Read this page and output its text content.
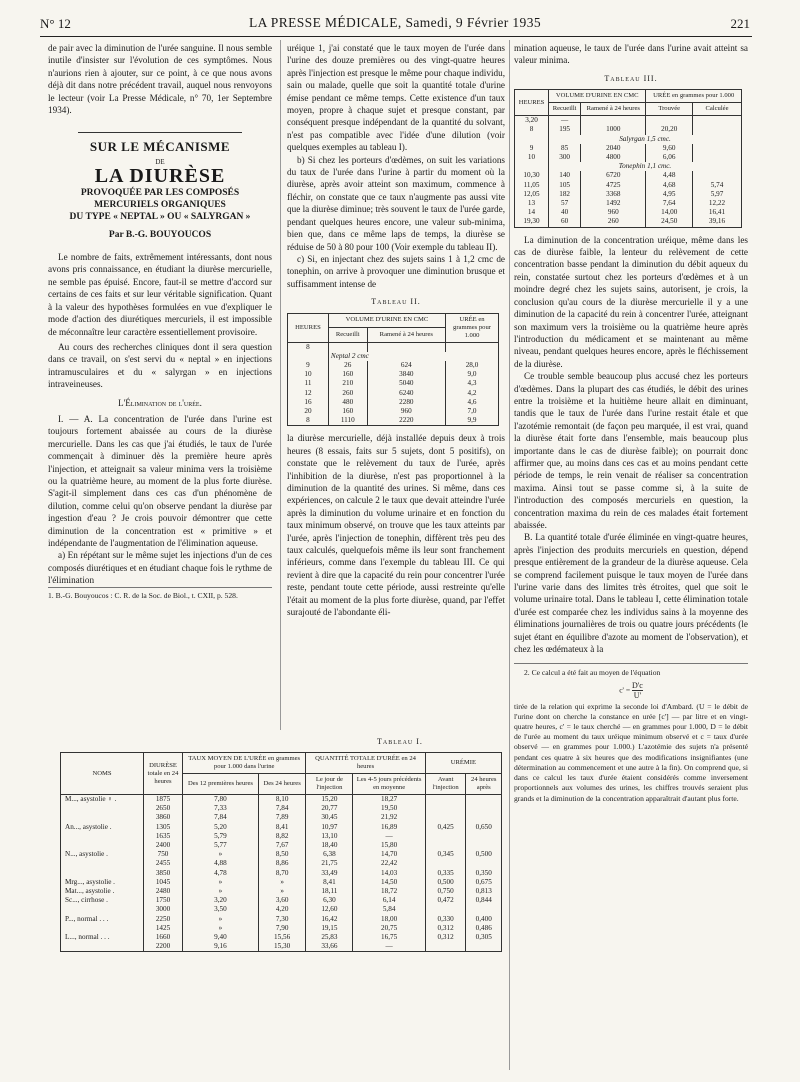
N° 12	LA PRESSE MÉDICALE, Samedi, 9 Février 1935	221

de pair avec la diminution de l'urée sanguine. Il nous semble inutile d'insister sur l'évolution de ces symptômes. Nous n'aurions rien à ajouter, sur ce point, à ce que nous avons déjà dit dans notre précédent travail, auquel nous renvoyons le lecteur (voir La Presse Médicale, n° 70, 1er Septembre 1934).

SUR LE MÉCANISME
DE
LA DIURÈSE
PROVOQUÉE PAR LES COMPOSÉS
MERCURIELS ORGANIQUES
DU TYPE « NEPTAL » OU « SALYRGAN »
Par B.-G. BOUYOUCOS

Le nombre de faits, extrêmement intéressants, dont nous avons pris connaissance, en étudiant la diurèse mercurielle, ne semble pas épuisé. Encore, faut-il se mettre d'accord sur certains de ces faits et sur leur véritable signification. Quant à la valeur des hypothèses formulées en vue d'expliquer le mode d'action des diurétiques mercuriels, il est impossible de méconnaître leur caractère essentiellement provisoire.

Au cours des recherches cliniques dont il sera question dans ce travail, on s'est servi du « neptal » en injections intramusculaires et du « salyrgan » en injections intraveineuses.

L'Élimination de l'urée.

I. — A. La concentration de l'urée dans l'urine est toujours fortement abaissée au cours de la diurèse mercurielle. Dans les cas que j'ai étudiés, le taux de l'urée commençait à diminuer dès la première heure après l'injection, et atteignait sa valeur minima vers la troisième ou la quatrième heure, au moment de la plus forte diurèse. S'agit-il simplement dans ces cas d'un phénomène de dilution, comme celui qu'on observe pendant la diurèse par ingestion d'eau ? Je crois pouvoir démontrer que cette diminution de la concentration est « primitive » et indépendante de l'augmentation de l'élimination aqueuse.

a) En répétant sur le même sujet les injections d'un de ces composés diurétiques et en étudiant chaque fois le rythme de l'élimination

1. B.-G. Bouyoucos : C. R. de la Soc. de Biol., t. CXII, p. 528.

uréique 1, j'ai constaté que le taux moyen de l'urée dans l'urine des douze premières ou des vingt-quatre heures après l'injection est presque le même pour chaque individu, sain ou malade, quelle que soit la quantité totale d'urine émise pendant ce même temps. Cette existence d'un taux moyen, propre à chaque sujet et presque constant, par conséquent presque indépendant de la quantité du solvant, n'est pas compatible avec l'idée d'une dilution (voir quelques exemples au tableau I).

b) Si chez les porteurs d'œdèmes, on suit les variations du taux de l'urée dans l'urine à partir du moment où la diurèse, après avoir atteint son maximum, commence à fléchir, on constate que ce taux n'augmente pas aussi vite que la diurèse diminue; très souvent le taux de l'urée garde, pendant quelques heures encore, une valeur sub-minima, bien que, dans ce même laps de temps, la diurèse se réduise de 50 à 80 pour 100 (Voir exemple du tableau II).

c) Si, en injectant chez des sujets sains 1 à 1,2 cmc de tonephin, on arrive à provoquer une diminution brusque et suffisamment intense de

Tableau II.
HEURES	VOLUME D'URINE EN CMC		URÉE en grammes pour 1.000
	Recueilli	Ramené à 24 heures	
8			
	Neptal 2 cmc		
9	26	624	28,0
10	160	3840	9,0
11	210	5040	4,3
12	260	6240	4,2
16	480	2280	4,6
20	160	960	7,0
8	1110	2220	9,9

la diurèse mercurielle, déjà installée depuis deux à trois heures (8 essais, faits sur 5 sujets, dont 5 positifs), on constate que le relèvement du taux de l'urée, après l'inhibition de la diurèse, n'est pas proportionnel à la diminution de la quantité des urines. Si même, dans ces expériences, on calcule 2 le taux que devait atteindre l'urée après la diminution du volume urinaire et en fonction du taux minimum observé, on trouve que les taux atteints par l'urée, après l'injection de tonephin, diffèrent très peu des taux calculés, quelquefois même ils leur sont franchement inférieurs, comme dans l'exemple du tableau III. Ce qui revient à dire que la capacité du rein pour concentrer l'urée reste, pendant toute cette période, aussi restreinte qu'elle l'était au moment de la plus forte diurèse, quand, par l'effet surajouté de l'abondante éli-

mination aqueuse, le taux de l'urée dans l'urine avait atteint sa valeur minima.

Tableau III.
HEURES	VOLUME D'URINE EN CMC		URÉE en grammes pour 1.000	
	Recueilli	Ramené à 24 heures	Trouvée	Calculée
3,20	—			
8	195	1000	20,20	
	Salyrgan 1,5 cmc.			
9	85	2040	9,60	
10	300	4800	6,06	
	Tonephin 1,1 cmc.			
10,30	140	6720	4,48	
11,05	105	4725	4,68	5,74
12,05	182	3368	4,95	5,97
13	57	1492	7,64	12,22
14	40	960	14,00	16,41
19,30	60	260	24,50	39,16

La diminution de la concentration uréique, même dans les cas de diurèse faible, la lenteur du relèvement de cette concentration basse pendant la diminution du débit aqueux du rein, constatée surtout chez les porteurs d'œdèmes et à un moindre degré chez les sujets sains, autorisent, je crois, la conclusion qu'au cours de la diurèse mercurielle il y a une diminution de la capacité du rein à concentrer l'urée, atteignant son maximum vers la troisième ou la quatrième heure après l'introduction du médicament et se maintenant au même niveau, pendant quelques heures encore, après le fléchissement de la diurèse.

Ce trouble semble beaucoup plus accusé chez les porteurs d'œdèmes. Dans la plupart des cas étudiés, le débit des urines entre la troisième et la huitième heure allait en diminuant, tandis que le taux de l'urée dans l'urine restait étale et que l'azotémie remontait (de façon peu marquée, il est vrai, quand la diurèse était forte dans l'ensemble, mais beaucoup plus importante dans le cas de diurèse faible); on pourrait donc affirmer que, au moins dans ces cas et au moins pendant cette période de temps, le rein venait de réaliser sa concentration maxima. Ainsi tout se passe comme si, à la suite de l'introduction des composés mercuriels en question, la concentration maxima du rein de ces malades était fortement abaissée.

B. La quantité totale d'urée éliminée en vingt-quatre heures, après l'injection des produits mercuriels en question, dépend presque entièrement de la grandeur de la diurèse aqueuse. Cela se comprend facilement puisque le taux moyen de l'urée dans l'urine varie dans des limites très étroites, quel que soit le volume urinaire total. Dans le tableau I, cette élimination totale d'urée est comparée chez les individus sains à la moyenne des éliminations journalières de trois ou quatre jours précédents (le sujet étant en équilibre d'azote au moment de l'observation), et chez les œdémateux à la

2. Ce calcul a été fait au moyen de l'équation
$c' = \frac{D'c}{U'}$
tirée de la relation qui exprime la seconde loi d'Ambard. (U = le débit de l'urine dont on cherche la constance en urée [c'] — par litre et en vingt-quatre heures, c' = le taux cherché — en grammes pour 1.000, D = le débit de l'urée au moment du taux uréique minimum observé et c = taux d'urée observé — en grammes pour 1.000.) L'azotémie des sujets n'a présenté pendant ces quatre à six heures que des modifications insignifiantes (une détermination au commencement et une autre à la fin). On comprend que, si dans ce calcul les taux d'urée étaient considérés comme inversement proportionnels aux volumes des urines, les chiffres trouvés seraient plus grands et la diminution de la concentration apparaîtrait d'autant plus forte.
Tableau I.
NOMS	DIURÈSE totale en 24 heures	TAUX MOYEN DE L'URÉE en grammes pour 1.000 dans l'urine		QUANTITÉ TOTALE D'URÉE en 24 heures		URÉMIE	
		Des 12 premières heures	Des 24 heures	Le jour de l'injection	Les 4-5 jours précédents en moyenne	Avant l'injection	24 heures après
M..., asystolie ♀ .	1875	7,80	8,10	15,20	18,27		
	2650	7,33	7,84	20,77	19,50		
	3860	7,84	7,89	30,45	21,92		
An..., asystolie .	1305	5,20	8,41	10,97	16,89	0,425	0,650
	1635	5,79	8,82	13,10	—		
	2400	5,77	7,67	18,40	15,80		
N..., asystolie .	750	»	8,50	6,38	14,70	0,345	0,500
	2455	4,88	8,86	21,75	22,42		
	3850	4,78	8,70	33,49	14,03	0,335	0,350
Mrg..., asystolie .	1045	»	»	8,41	14,50	0,500	0,675
Mat..., asystolie .	2480	»	»	18,11	18,72	0,750	0,813
Sc..., cirrhose .	1750	3,20	3,60	6,30	6,14	0,472	0,844
	3000	3,50	4,20	12,60	5,84		
P..., normal . . .	2250	»	7,30	16,42	18,00	0,330	0,400
	1425	»	7,90	19,15	20,75	0,312	0,486
L..., normal . . .	1660	9,40	15,56	25,83	16,75	0,312	0,305
	2200	9,16	15,30	33,66	—		
